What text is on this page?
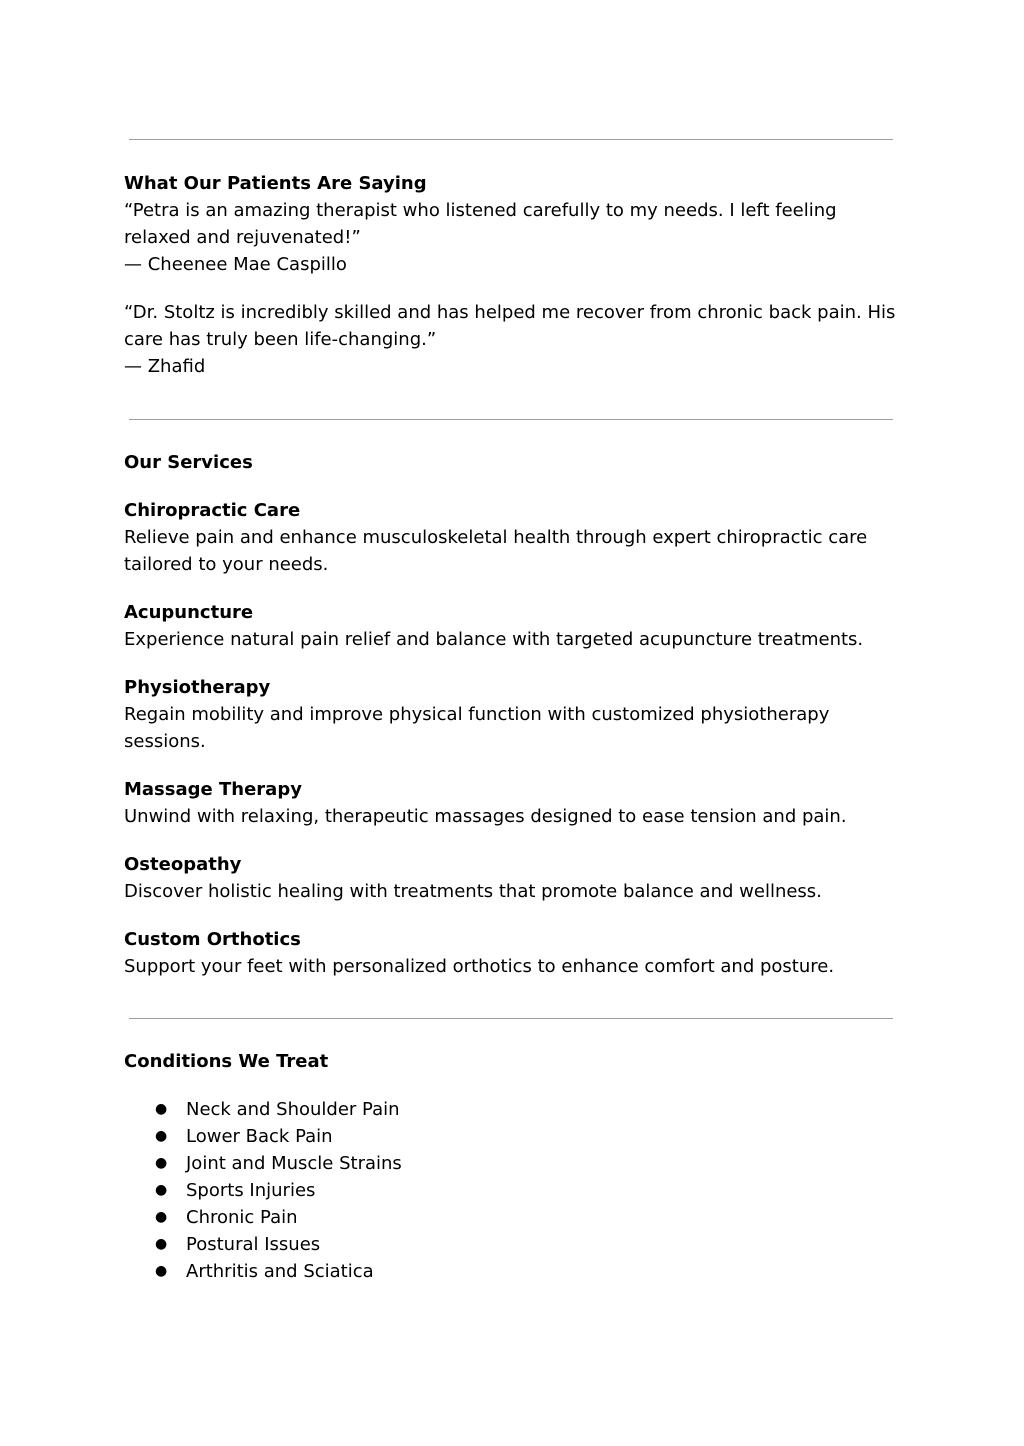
What Our Patients Are Saying

“Petra is an amazing therapist who listened carefully to my needs. I left feeling

relaxed and rejuvenated!”

— Cheenee Mae Caspillo

“Dr. Stoltz is incredibly skilled and has helped me recover from chronic back pain. His

care has truly been life-changing.”

— Zhafid

Our Services

Chiropractic Care

Relieve pain and enhance musculoskeletal health through expert chiropractic care

tailored to your needs.

Acupuncture

Experience natural pain relief and balance with targeted acupuncture treatments.

Physiotherapy

Regain mobility and improve physical function with customized physiotherapy

sessions.

Massage Therapy

Unwind with relaxing, therapeutic massages designed to ease tension and pain.

Osteopathy

Discover holistic healing with treatments that promote balance and wellness.

Custom Orthotics

Support your feet with personalized orthotics to enhance comfort and posture.

Conditions We Treat

● Neck and Shoulder Pain
● Lower Back Pain
● Joint and Muscle Strains
● Sports Injuries
● Chronic Pain
● Postural Issues
● Arthritis and Sciatica
